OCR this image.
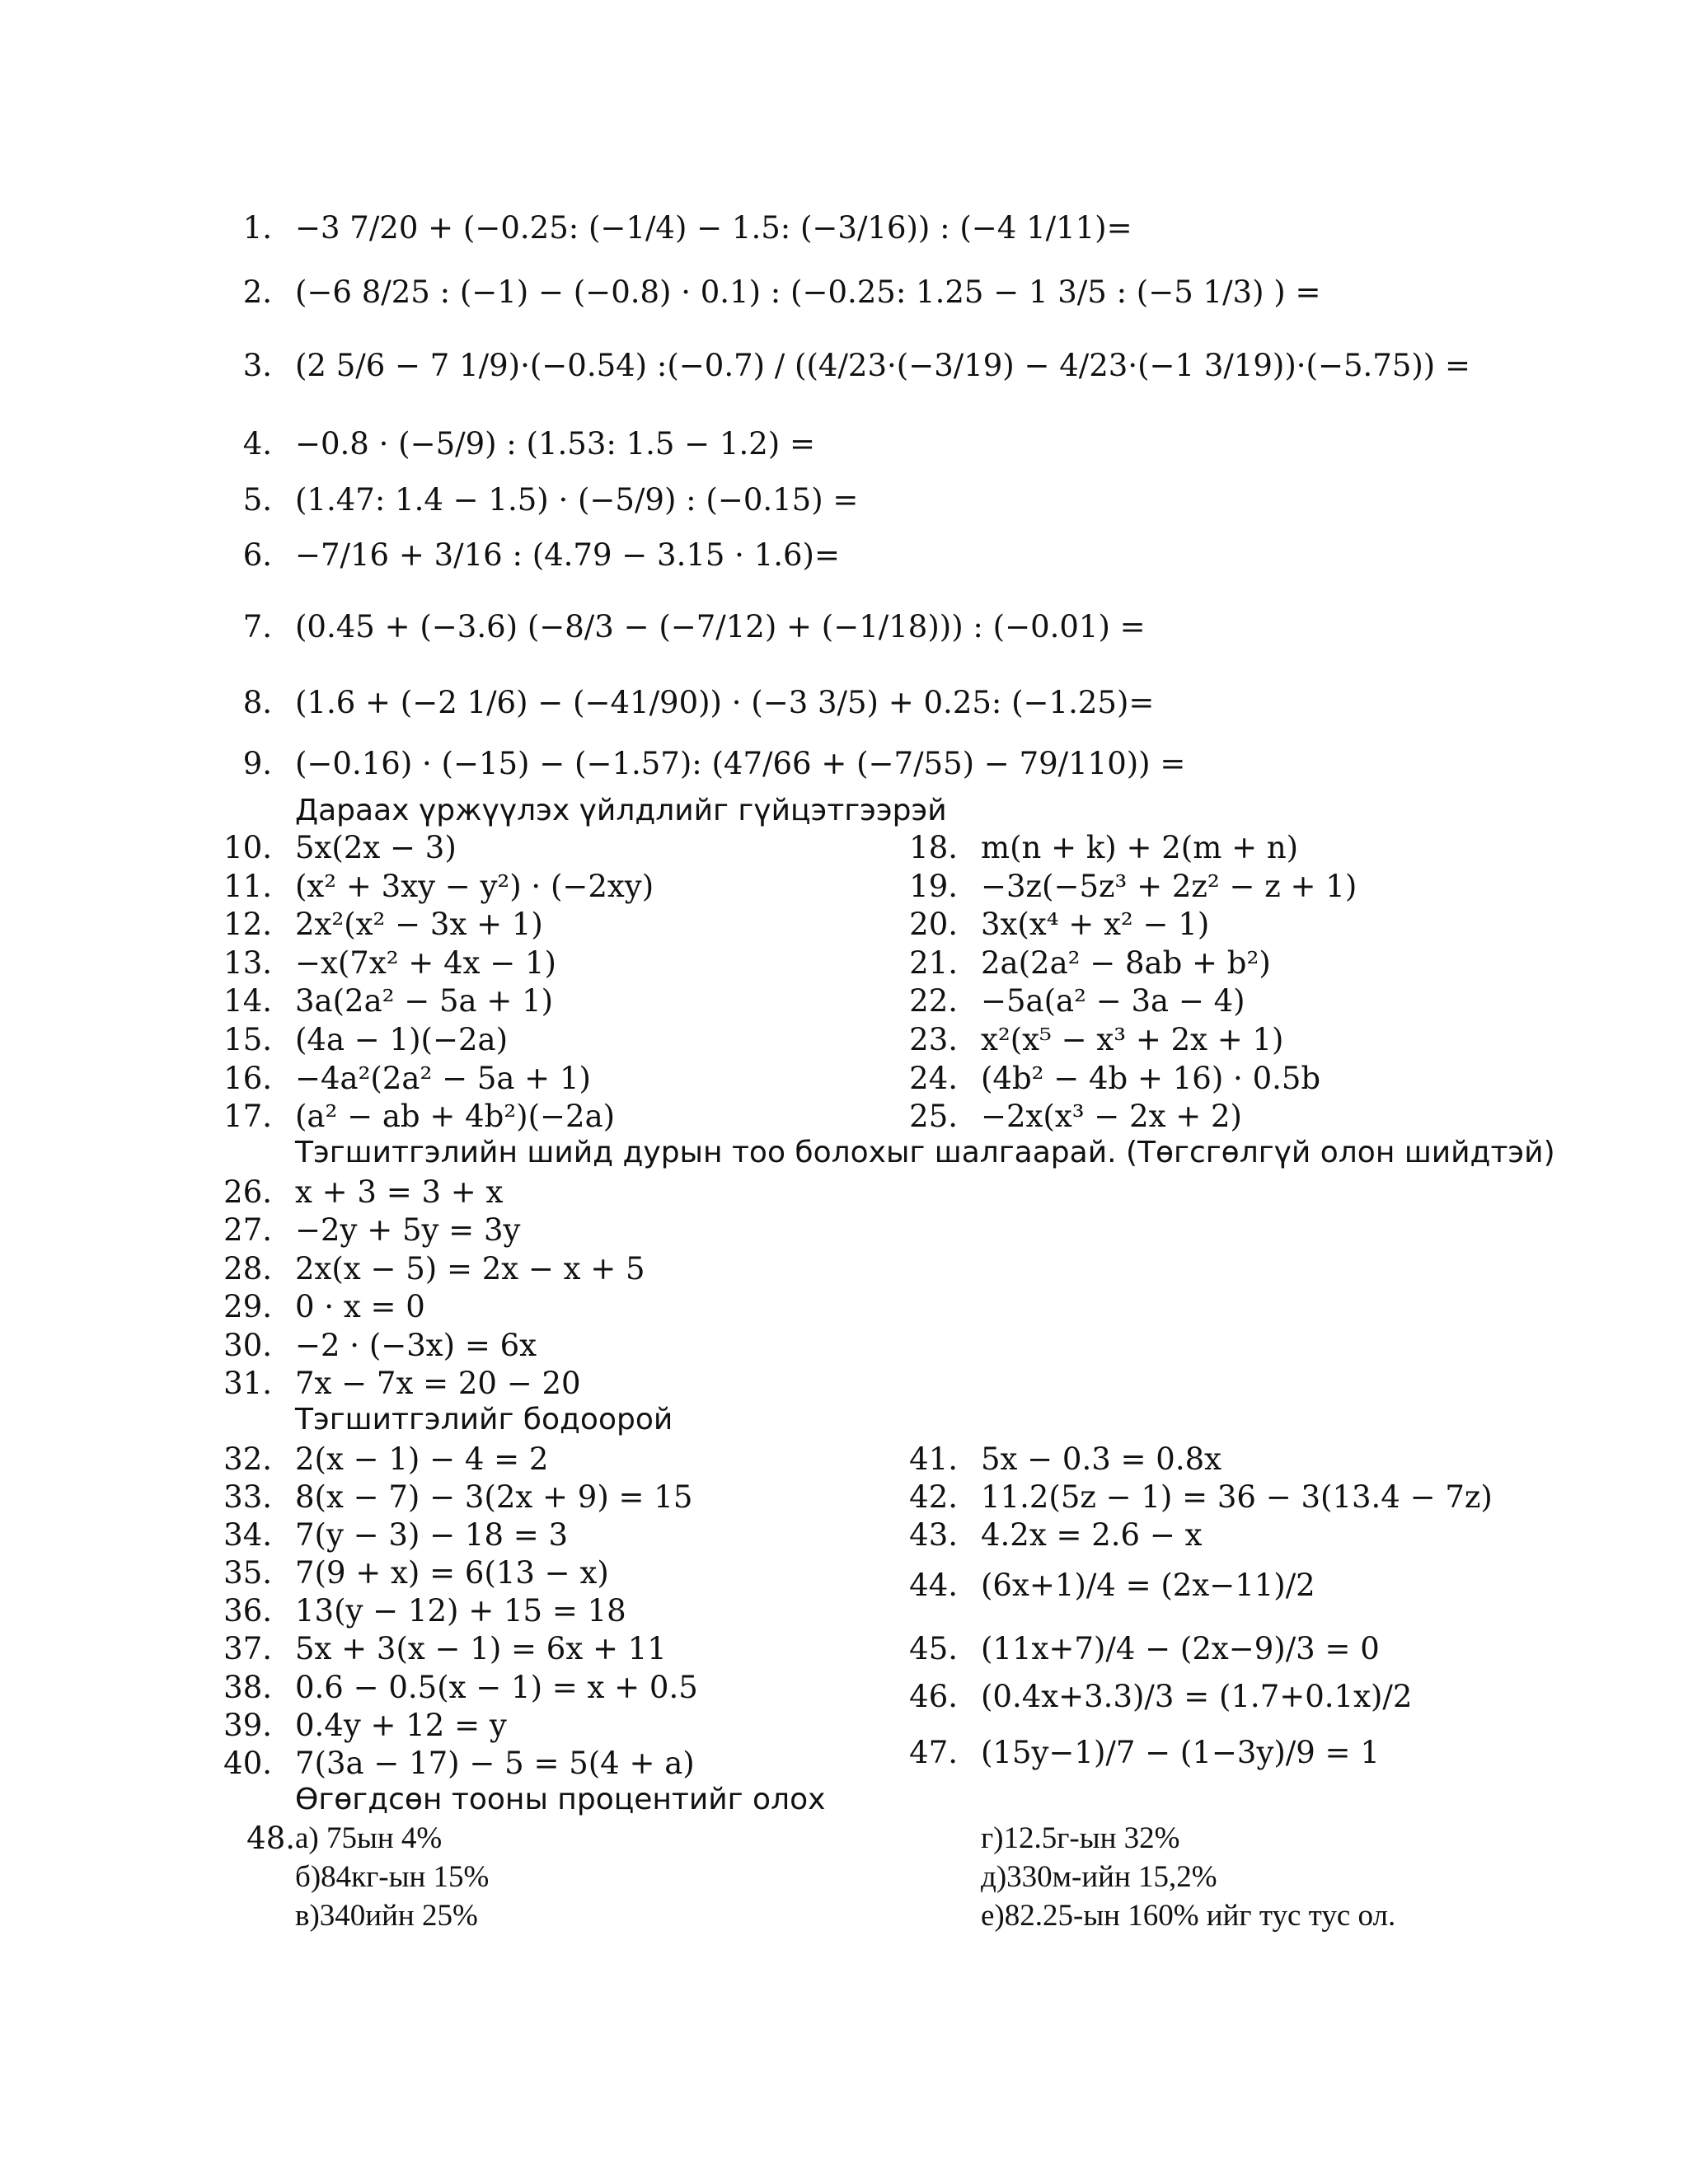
1. −3 7/20 + (−0.25: (−1/4) − 1.5: (−3/16)) : (−4 1/11)=
2. (−6 8/25 : (−1) − (−0.8) · 0.1) : (−0.25: 1.25 − 1 3/5 : (−5 1/3) ) =
3. (2 5/6 − 7 1/9)·(−0.54) :(−0.7) / ((4/23·(−3/19) − 4/23·(−1 3/19))·(−5.75)) =
4. −0.8 · (−5/9) : (1.53: 1.5 − 1.2) =
5. (1.47: 1.4 − 1.5) · (−5/9) : (−0.15) =
6. −7/16 + 3/16 : (4.79 − 3.15 · 1.6)=
7. (0.45 + (−3.6) (−8/3 − (−7/12) + (−1/18))) : (−0.01) =
8. (1.6 + (−2 1/6) − (−41/90)) · (−3 3/5) + 0.25: (−1.25)=
9. (−0.16) · (−15) − (−1.57): (47/66 + (−7/55) − 79/110)) =
Дараах үржүүлэх үйлдлийг гүйцэтгээрэй
10. 5x(2x − 3)
11. (x² + 3xy − y²) · (−2xy)
12. 2x²(x² − 3x + 1)
13. −x(7x² + 4x − 1)
14. 3a(2a² − 5a + 1)
15. (4a − 1)(−2a)
16. −4a²(2a² − 5a + 1)
17. (a² − ab + 4b²)(−2a)
18. m(n + k) + 2(m + n)
19. −3z(−5z³ + 2z² − z + 1)
20. 3x(x⁴ + x² − 1)
21. 2a(2a² − 8ab + b²)
22. −5a(a² − 3a − 4)
23. x²(x⁵ − x³ + 2x + 1)
24. (4b² − 4b + 16) · 0.5b
25. −2x(x³ − 2x + 2)
Тэгшитгэлийн шийд дурын тоо болохыг шалгаарай. (Төгсгөлгүй олон шийдтэй)
26. x + 3 = 3 + x
27. −2y + 5y = 3y
28. 2x(x − 5) = 2x − x + 5
29. 0 · x = 0
30. −2 · (−3x) = 6x
31. 7x − 7x = 20 − 20
Тэгшитгэлийг бодоорой
32. 2(x − 1) − 4 = 2
33. 8(x − 7) − 3(2x + 9) = 15
34. 7(y − 3) − 18 = 3
35. 7(9 + x) = 6(13 − x)
36. 13(y − 12) + 15 = 18
37. 5x + 3(x − 1) = 6x + 11
38. 0.6 − 0.5(x − 1) = x + 0.5
39. 0.4y + 12 = y
40. 7(3a − 17) − 5 = 5(4 + a)
41. 5x − 0.3 = 0.8x
42. 11.2(5z − 1) = 36 − 3(13.4 − 7z)
43. 4.2x = 2.6 − x
44. (6x+1)/4 = (2x−11)/2
45. (11x+7)/4 − (2x−9)/3 = 0
46. (0.4x+3.3)/3 = (1.7+0.1x)/2
47. (15y−1)/7 − (1−3y)/9 = 1
Өгөгдсөн тооны процентийг олох
48. а) 75ын 4%
б)84кг-ын 15%
в)340ийн 25%
г)12.5г-ын 32%
д)330м-ийн 15,2%
е)82.25-ын 160% ийг тус тус ол.
